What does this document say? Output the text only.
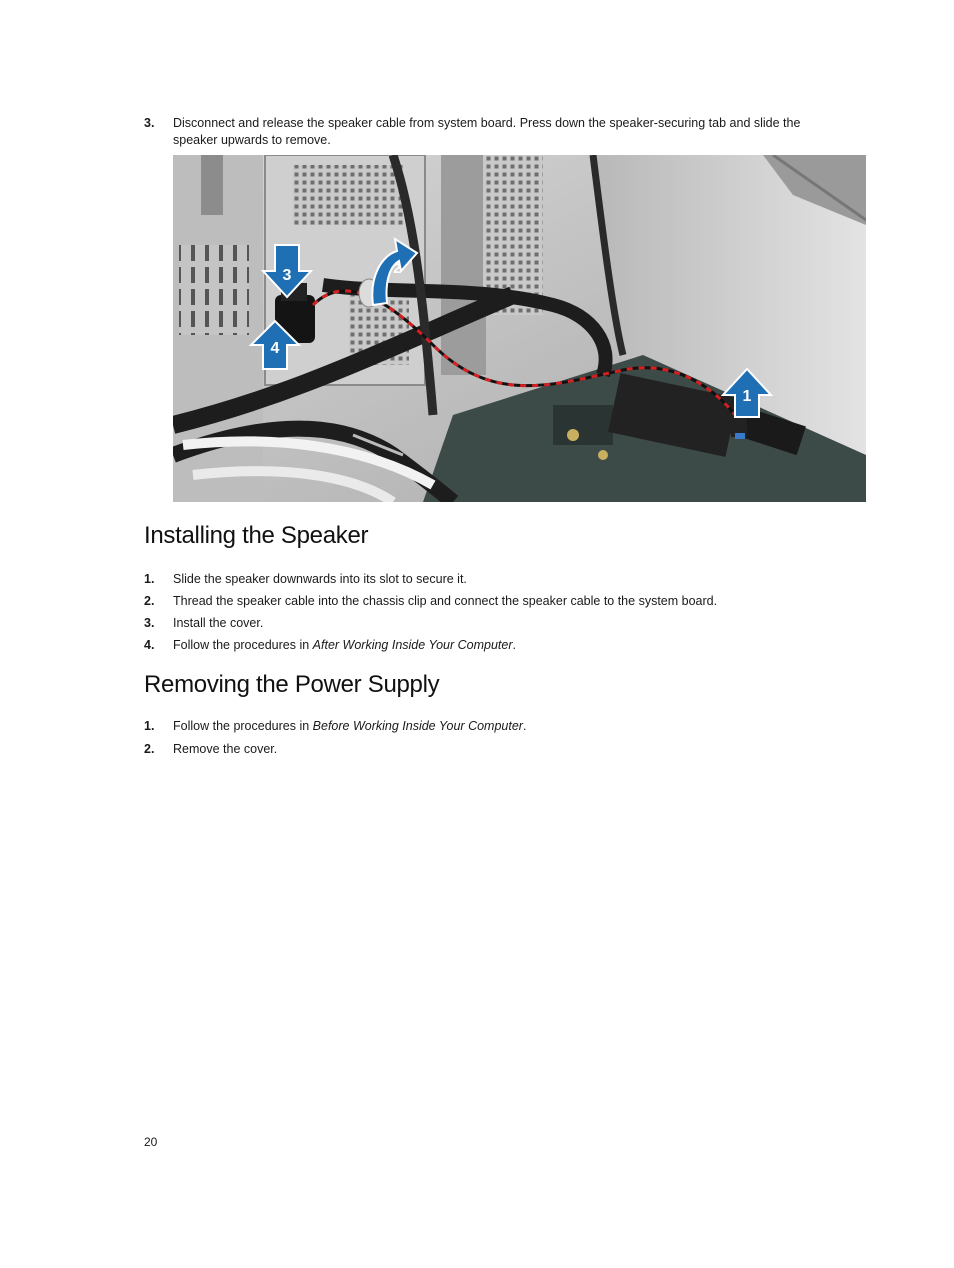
3. Disconnect and release the speaker cable from system board. Press down the speaker-securing tab and slide the speaker upwards to remove.
1
2
3
4
Installing the Speaker
1. Slide the speaker downwards into its slot to secure it.
2. Thread the speaker cable into the chassis clip and connect the speaker cable to the system board.
3. Install the cover.
4. Follow the procedures in After Working Inside Your Computer.
Removing the Power Supply
1. Follow the procedures in Before Working Inside Your Computer.
2. Remove the cover.
20
